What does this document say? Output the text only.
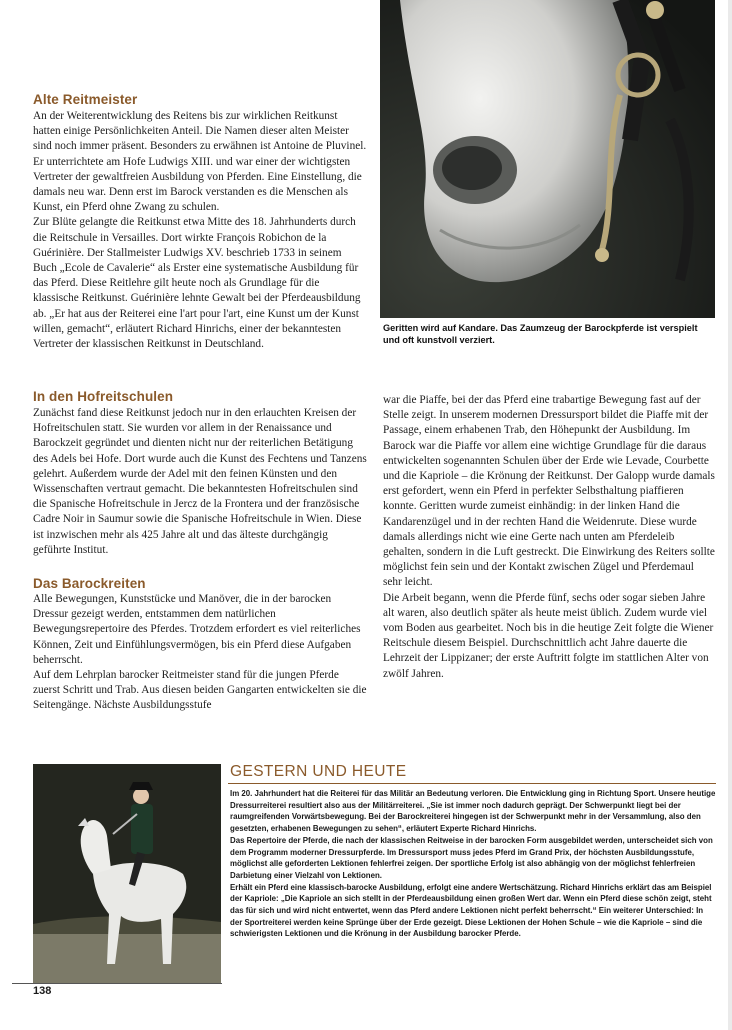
Geritten wird auf Kandare. Das Zaumzeug der Barockpferde ist verspielt und oft kunstvoll verziert.

Alte Reitmeister

An der Weiterentwicklung des Reitens bis zur wirklichen Reitkunst hatten einige Persönlichkeiten Anteil. Die Namen dieser alten Meister sind noch immer präsent. Besonders zu erwähnen ist Antoine de Pluvinel. Er unterrichtete am Hofe Ludwigs XIII. und war einer der wichtigsten Vertreter der gewaltfreien Ausbildung von Pferden. Eine Einstellung, die damals neu war. Denn erst im Barock verstanden es die Menschen als Kunst, ein Pferd ohne Zwang zu schulen.

Zur Blüte gelangte die Reitkunst etwa Mitte des 18. Jahrhunderts durch die Reitschule in Versailles. Dort wirkte François Robichon de la Guérinière. Der Stallmeister Ludwigs XV. beschrieb 1733 in seinem Buch „Ecole de Cavalerie“ als Erster eine systematische Ausbildung für das Pferd. Diese Reitlehre gilt heute noch als Grundlage für die klassische Reitkunst. Guérinière lehnte Gewalt bei der Pferdeausbildung ab. „Er hat aus der Reiterei eine l'art pour l'art, eine Kunst um der Kunst willen, gemacht“, erläutert Richard Hinrichs, einer der bekanntesten Vertreter der klassischen Reitkunst in Deutschland.

In den Hofreitschulen

Zunächst fand diese Reitkunst jedoch nur in den erlauchten Kreisen der Hofreitschulen statt. Sie wurden vor allem in der Renaissance und Barockzeit gegründet und dienten nicht nur der reiterlichen Betätigung des Adels bei Hofe. Dort wurde auch die Kunst des Fechtens und Tanzens gelehrt. Außerdem wurde der Adel mit den feinen Künsten und den Wissenschaften vertraut gemacht. Die bekanntesten Hofreitschulen sind die Spanische Hofreitschule in Jercz de la Frontera und der französische Cadre Noir in Saumur sowie die Spanische Hofreitschule in Wien. Diese ist inzwischen mehr als 425 Jahre alt und das älteste durchgängig geführte Institut.

Das Barockreiten

Alle Bewegungen, Kunststücke und Manöver, die in der barocken Dressur gezeigt werden, entstammen dem natürlichen Bewegungsrepertoire des Pferdes. Trotzdem erfordert es viel reiterliches Können, Zeit und Einfühlungsvermögen, bis ein Pferd diese Aufgaben beherrscht.

Auf dem Lehrplan barocker Reitmeister stand für die jungen Pferde zuerst Schritt und Trab. Aus diesen beiden Gangarten entwickelten sie die Seitengänge. Nächste Ausbildungsstufe

war die Piaffe, bei der das Pferd eine trabartige Bewegung fast auf der Stelle zeigt. In unserem modernen Dressursport bildet die Piaffe mit der Passage, einem erhabenen Trab, den Höhepunkt der Ausbildung. Im Barock war die Piaffe vor allem eine wichtige Grundlage für die daraus entwickelten sogenannten Schulen über der Erde wie Levade, Courbette und die Kapriole – die Krönung der Reitkunst. Der Galopp wurde damals erst gefordert, wenn ein Pferd in perfekter Selbsthaltung piaffieren konnte. Geritten wurde zumeist einhändig: in der linken Hand die Kandarenzügel und in der rechten Hand die Weidenrute. Diese wurde damals allerdings nicht wie eine Gerte nach unten am Pferdeleib gehalten, sondern in die Luft gestreckt. Die Einwirkung des Reiters sollte möglichst fein sein und der Kontakt zwischen Zügel und Pferdemaul sehr leicht.

Die Arbeit begann, wenn die Pferde fünf, sechs oder sogar sieben Jahre alt waren, also deutlich später als heute meist üblich. Zudem wurde viel vom Boden aus gearbeitet. Noch bis in die heutige Zeit folgte die Wiener Reitschule diesem Beispiel. Durchschnittlich acht Jahre dauerte die Lehrzeit der Lippizaner; der erste Auftritt folgte im stattlichen Alter von zwölf Jahren.

GESTERN UND HEUTE

Im 20. Jahrhundert hat die Reiterei für das Militär an Bedeutung verloren. Die Entwicklung ging in Richtung Sport. Unsere heutige Dressurreiterei resultiert also aus der Militärreiterei. „Sie ist immer noch dadurch geprägt. Der Schwerpunkt liegt bei der raumgreifenden Vorwärtsbewegung. Bei der Barockreiterei hingegen ist der Schwerpunkt mehr in der Versammlung, also den gesetzten, erhabenen Bewegungen zu sehen“, erläutert Experte Richard Hinrichs.

Das Repertoire der Pferde, die nach der klassischen Reitweise in der barocken Form ausgebildet werden, unterscheidet sich von dem Programm moderner Dressurpferde. Im Dressursport muss jedes Pferd im Grand Prix, der höchsten Ausbildungsstufe, möglichst alle geforderten Lektionen fehlerfrei zeigen. Der sportliche Erfolg ist also abhängig von der möglichst fehlerfreien Darbietung einer Vielzahl von Lektionen.

Erhält ein Pferd eine klassisch-barocke Ausbildung, erfolgt eine andere Wertschätzung. Richard Hinrichs erklärt das am Beispiel der Kapriole: „Die Kapriole an sich stellt in der Pferdeausbildung einen großen Wert dar. Wenn ein Pferd diese schön zeigt, steht das für sich und wird nicht entwertet, wenn das Pferd andere Lektionen nicht perfekt beherrscht.“ Ein weiterer Unterschied: In der Sportreiterei werden keine Sprünge über der Erde gezeigt. Diese Lektionen der Hohen Schule – wie die Kapriole – sind die schwierigsten Lektionen und die Krönung in der Ausbildung barocker Pferde.

138
